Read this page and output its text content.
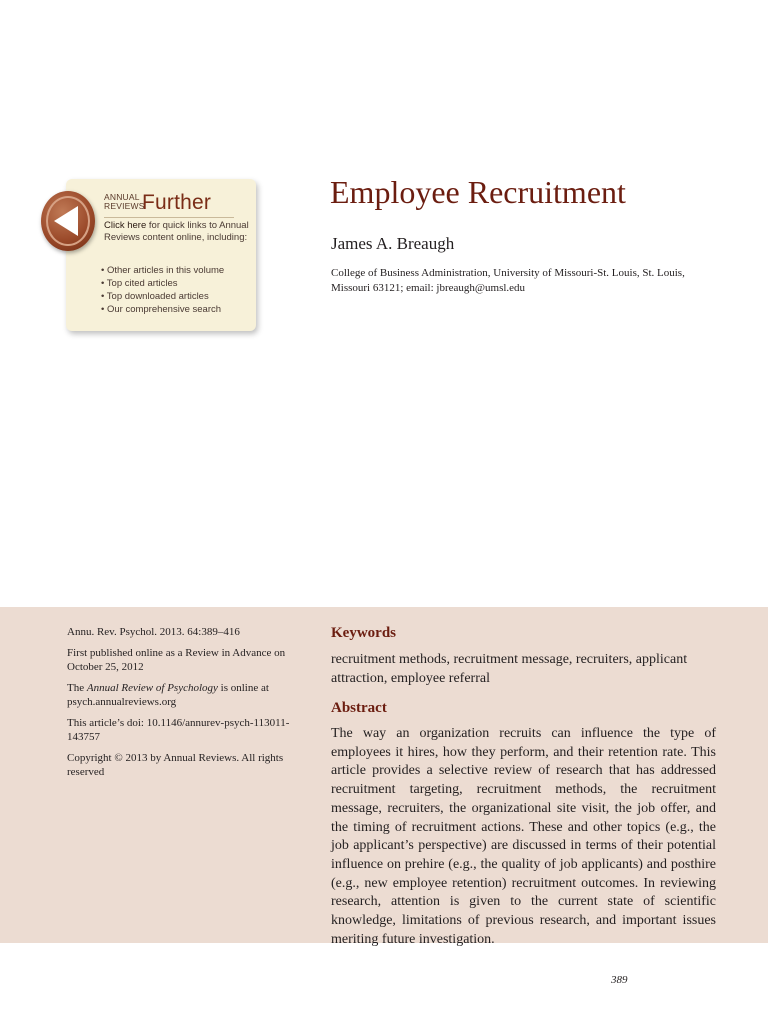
ANNUAL
REVIEWS
Further
Click here for quick links to Annual Reviews content online, including:
• Other articles in this volume
• Top cited articles
• Top downloaded articles
• Our comprehensive search
Employee Recruitment
James A. Breaugh
College of Business Administration, University of Missouri-St. Louis, St. Louis, Missouri 63121; email: jbreaugh@umsl.edu

Annu. Rev. Psychol. 2013. 64:389–416

First published online as a Review in Advance on October 25, 2012

The Annual Review of Psychology is online at psych.annualreviews.org

This article’s doi: 10.1146/annurev-psych-113011-143757

Copyright © 2013 by Annual Reviews. All rights reserved

Keywords
recruitment methods, recruitment message, recruiters, applicant attraction, employee referral
Abstract
The way an organization recruits can influence the type of employees it hires, how they perform, and their retention rate. This article provides a selective review of research that has addressed recruitment targeting, recruitment methods, the recruitment message, recruiters, the organizational site visit, the job offer, and the timing of recruitment actions. These and other topics (e.g., the job applicant’s perspective) are discussed in terms of their potential influence on prehire (e.g., the quality of job applicants) and posthire (e.g., new employee retention) recruitment outcomes. In reviewing research, attention is given to the current state of scientific knowledge, limitations of previous research, and important issues meriting future investigation.
389
